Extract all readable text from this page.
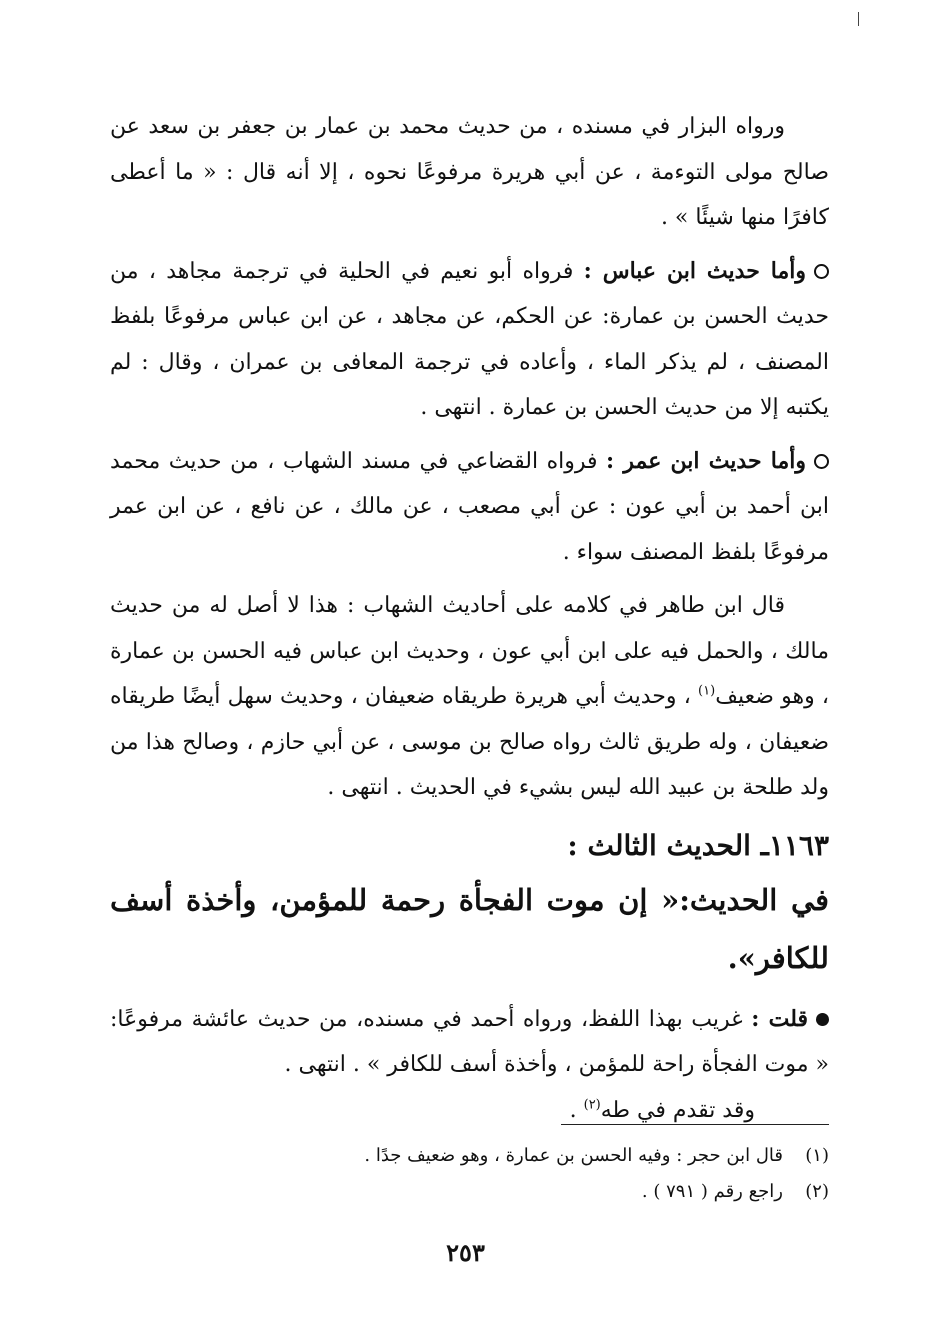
ورواه البزار في مسنده ، من حديث محمد بن عمار بن جعفر بن سعد عن صالح مولى التوءمة ، عن أبي هريرة مرفوعًا نحوه ، إلا أنه قال : « ما أعطى كافرًا منها شيئًا » .

وأما حديث ابن عباس : فرواه أبو نعيم في الحلية في ترجمة مجاهد ، من حديث الحسن بن عمارة: عن الحكم، عن مجاهد ، عن ابن عباس مرفوعًا بلفظ المصنف ، لم يذكر الماء ، وأعاده في ترجمة المعافى بن عمران ، وقال : لم يكتبه إلا من حديث الحسن بن عمارة . انتهى .

وأما حديث ابن عمر : فرواه القضاعي في مسند الشهاب ، من حديث محمد ابن أحمد بن أبي عون : عن أبي مصعب ، عن مالك ، عن نافع ، عن ابن عمر مرفوعًا بلفظ المصنف سواء .

قال ابن طاهر في كلامه على أحاديث الشهاب : هذا لا أصل له من حديث مالك ، والحمل فيه على ابن أبي عون ، وحديث ابن عباس فيه الحسن بن عمارة ، وهو ضعيف$^{(١)}$ ، وحديث أبي هريرة طريقاه ضعيفان ، وحديث سهل أيضًا طريقاه ضعيفان ، وله طريق ثالث رواه صالح بن موسى ، عن أبي حازم ، وصالح هذا من ولد طلحة بن عبيد الله ليس بشيء في الحديث . انتهى .

١١٦٣ـ الحديث الثالث :
في الحديث:« إن موت الفجأة رحمة للمؤمن، وأخذة أسف للكافر».

قلت : غريب بهذا اللفظ، ورواه أحمد في مسنده، من حديث عائشة مرفوعًا: « موت الفجأة راحة للمؤمن ، وأخذة أسف للكافر » . انتهى .

وقد تقدم في طه$^{(٢)}$ .

(١)قال ابن حجر : وفيه الحسن بن عمارة ، وهو ضعيف جدًا .

(٢)راجع رقم ( ٧٩١ ) .

٢٥٣
